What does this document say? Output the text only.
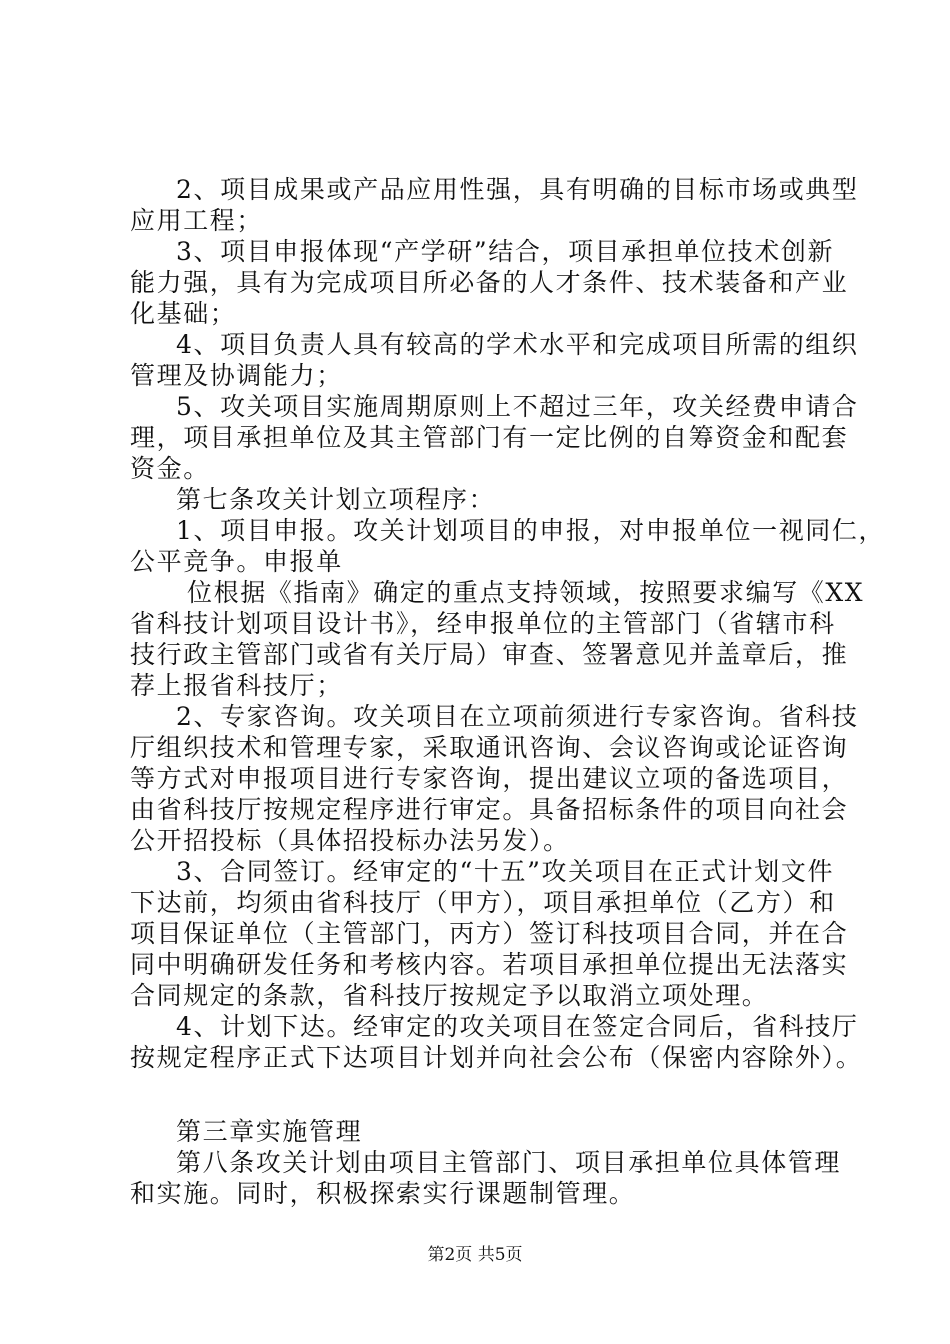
2、项目成果或产品应用性强，具有明确的目标市场或典型
应用工程；
3、项目申报体现“产学研”结合，项目承担单位技术创新
能力强，具有为完成项目所必备的人才条件、技术装备和产业
化基础；
4、项目负责人具有较高的学术水平和完成项目所需的组织
管理及协调能力；
5、攻关项目实施周期原则上不超过三年，攻关经费申请合
理，项目承担单位及其主管部门有一定比例的自筹资金和配套
资金。
第七条攻关计划立项程序：
1、项目申报。攻关计划项目的申报，对申报单位一视同仁，
公平竞争。申报单
位根据《指南》确定的重点支持领域，按照要求编写《XX
省科技计划项目设计书》，经申报单位的主管部门（省辖市科
技行政主管部门或省有关厅局）审查、签署意见并盖章后，推
荐上报省科技厅；
2、专家咨询。攻关项目在立项前须进行专家咨询。省科技
厅组织技术和管理专家，采取通讯咨询、会议咨询或论证咨询
等方式对申报项目进行专家咨询，提出建议立项的备选项目，
由省科技厅按规定程序进行审定。具备招标条件的项目向社会
公开招投标（具体招投标办法另发）。
3、合同签订。经审定的“十五”攻关项目在正式计划文件
下达前，均须由省科技厅（甲方），项目承担单位（乙方）和
项目保证单位（主管部门，丙方）签订科技项目合同，并在合
同中明确研发任务和考核内容。若项目承担单位提出无法落实
合同规定的条款，省科技厅按规定予以取消立项处理。
4、计划下达。经审定的攻关项目在签定合同后，省科技厅
按规定程序正式下达项目计划并向社会公布（保密内容除外）。
第三章实施管理
第八条攻关计划由项目主管部门、项目承担单位具体管理
和实施。同时，积极探索实行课题制管理。
第2页 共5页
